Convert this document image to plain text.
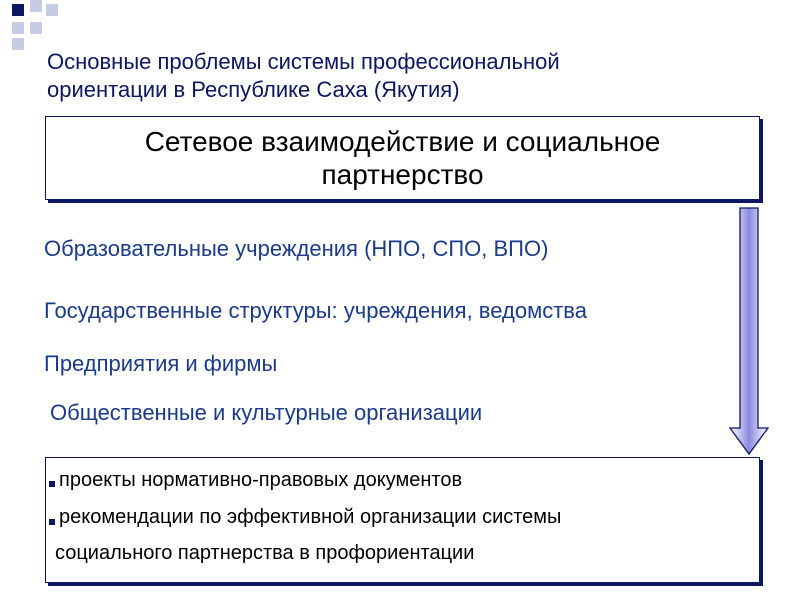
Основные проблемы системы профессиональной
ориентации в Республике Саха (Якутия)
Сетевое взаимодействие и социальное
партнерство
Образовательные учреждения (НПО, СПО, ВПО)
Государственные структуры: учреждения, ведомства
Предприятия и фирмы
Общественные и культурные организации
проекты нормативно-правовых документов
рекомендации по эффективной организации системы
социального партнерства в профориентации
